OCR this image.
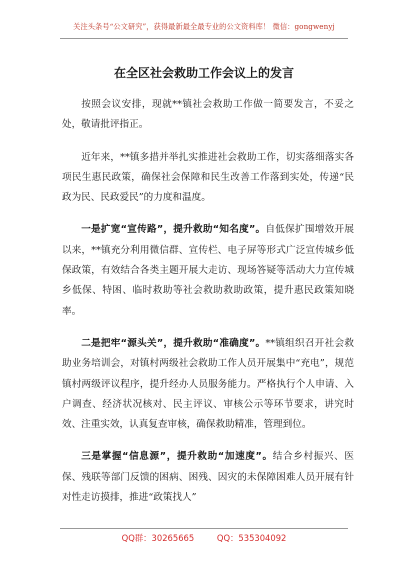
关注头条号“公文研究”，获得最新最全最专业的公文资料库！ 微信：gongwenyj
在全区社会救助工作会议上的发言

按照会议安排，现就**镇社会救助工作做一简要发言，不妥之处，敬请批评指正。

近年来，**镇多措并举扎实推进社会救助工作，切实落细落实各项民生惠民政策，确保社会保障和民生改善工作落到实处，传递“民政为民、民政爱民”的力度和温度。

一是扩宽“宣传路”，提升救助“知名度”。自低保扩围增效开展以来，**镇充分利用微信群、宣传栏、电子屏等形式广泛宣传城乡低保政策，有效结合各类主题开展大走访、现场答疑等活动大力宣传城乡低保、特困、临时救助等社会救助救助政策，提升惠民政策知晓率。

二是把牢“源头关”，提升救助“准确度”。**镇组织召开社会救助业务培训会，对镇村两级社会救助工作人员开展集中“充电”，规范镇村两级评议程序，提升经办人员服务能力。严格执行个人申请、入户调查、经济状况核对、民主评议、审核公示等环节要求，讲究时效、注重实效，认真复查审核，确保救助精准，管理到位。

三是掌握“信息源”，提升救助“加速度”。结合乡村振兴、医保、残联等部门反馈的困病、困残、因灾的未保障困难人员开展有针对性走访摸排，推进“政策找人”

QQ群：30265665	QQ：535304092
